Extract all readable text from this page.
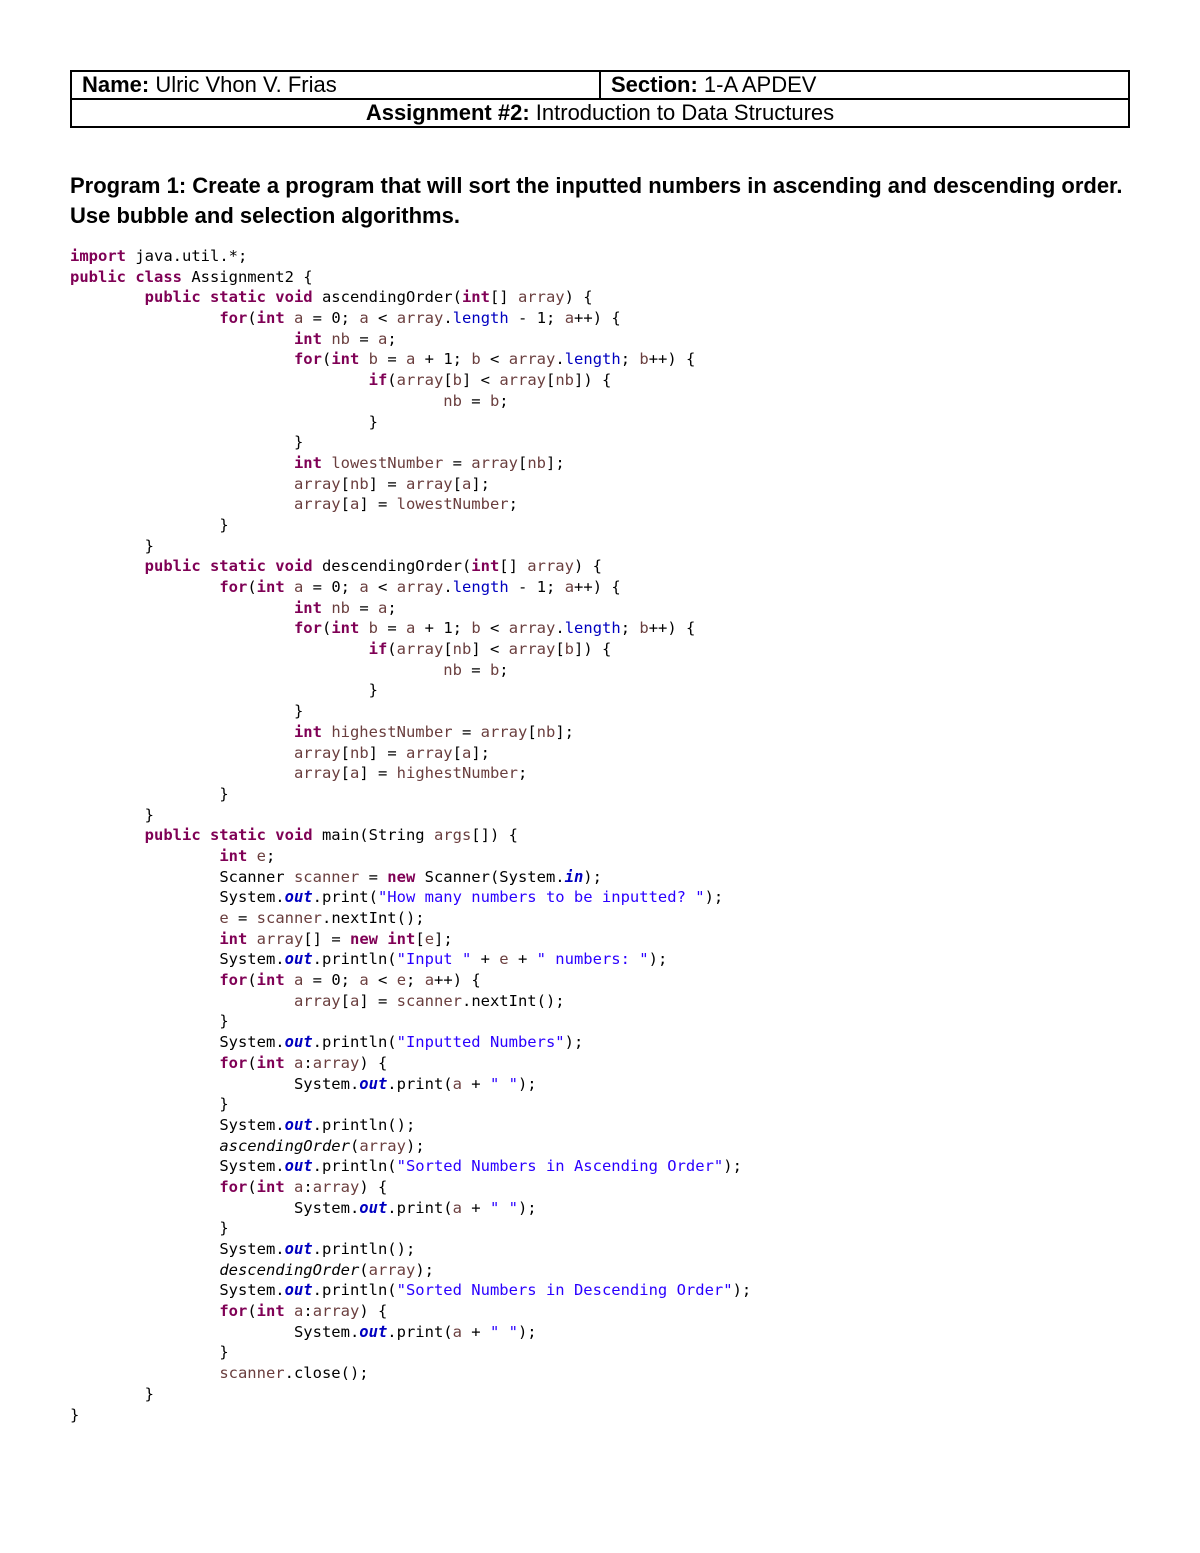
Name: Ulric Vhon V. Frias	Section: 1-A APDEV
Assignment #2: Introduction to Data Structures

Program 1: Create a program that will sort the inputted numbers in ascending and descending order. Use bubble and selection algorithms.

import java.util.*;
public class Assignment2 {
	public static void ascendingOrder(int[] array) {
		for(int a = 0; a < array.length - 1; a++) {
			int nb = a;
			for(int b = a + 1; b < array.length; b++) {
				if(array[b] < array[nb]) {
					nb = b;
				}
			}
			int lowestNumber = array[nb];
			array[nb] = array[a];
			array[a] = lowestNumber;
		}
	}
	public static void descendingOrder(int[] array) {
		for(int a = 0; a < array.length - 1; a++) {
			int nb = a;
			for(int b = a + 1; b < array.length; b++) {
				if(array[nb] < array[b]) {
					nb = b;
				}
			}
			int highestNumber = array[nb];
			array[nb] = array[a];
			array[a] = highestNumber;
		}
	}
	public static void main(String args[]) {
		int e;
		Scanner scanner = new Scanner(System.in);
		System.out.print("How many numbers to be inputted? ");
		e = scanner.nextInt();
		int array[] = new int[e];
		System.out.println("Input " + e + " numbers: ");
		for(int a = 0; a < e; a++) {
			array[a] = scanner.nextInt();
		}
		System.out.println("Inputted Numbers");
		for(int a:array) {
			System.out.print(a + " ");
		}
		System.out.println();
		ascendingOrder(array);
		System.out.println("Sorted Numbers in Ascending Order");
		for(int a:array) {
			System.out.print(a + " ");
		}
		System.out.println();
		descendingOrder(array);
		System.out.println("Sorted Numbers in Descending Order");
		for(int a:array) {
			System.out.print(a + " ");
		}
		scanner.close();
	}
}
